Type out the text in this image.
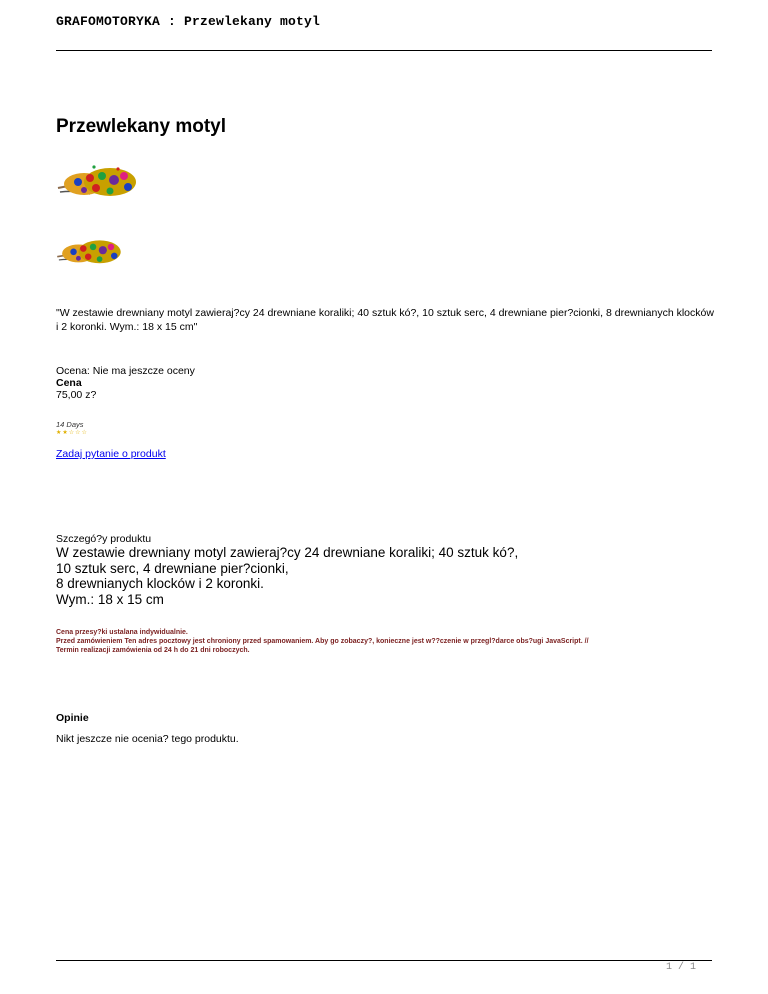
GRAFOMOTORYKA : Przewlekany motyl
Przewlekany motyl
"W zestawie drewniany motyl zawieraj?cy 24 drewniane koraliki; 40 sztuk kó?, 10 sztuk serc, 4 drewniane pier?cionki, 8 drewnianych klocków i 2 koronki. Wym.: 18 x 15 cm"
Ocena: Nie ma jeszcze oceny
Cena
75,00 z?
14 Days
★★☆☆☆
Zadaj pytanie o produkt
Szczegó?y produktu
W zestawie drewniany motyl zawieraj?cy 24 drewniane koraliki; 40 sztuk kó?,
10 sztuk serc, 4 drewniane pier?cionki,
8 drewnianych klocków i 2 koronki.
Wym.: 18 x 15 cm
Cena przesy?ki ustalana indywidualnie.
Przed zamówieniem Ten adres pocztowy jest chroniony przed spamowaniem. Aby go zobaczy?, konieczne jest w??czenie w przegl?darce obs?ugi JavaScript. //
Termin realizacji zamówienia od 24 h do 21 dni roboczych.
Opinie
Nikt jeszcze nie ocenia? tego produktu.
1 / 1
